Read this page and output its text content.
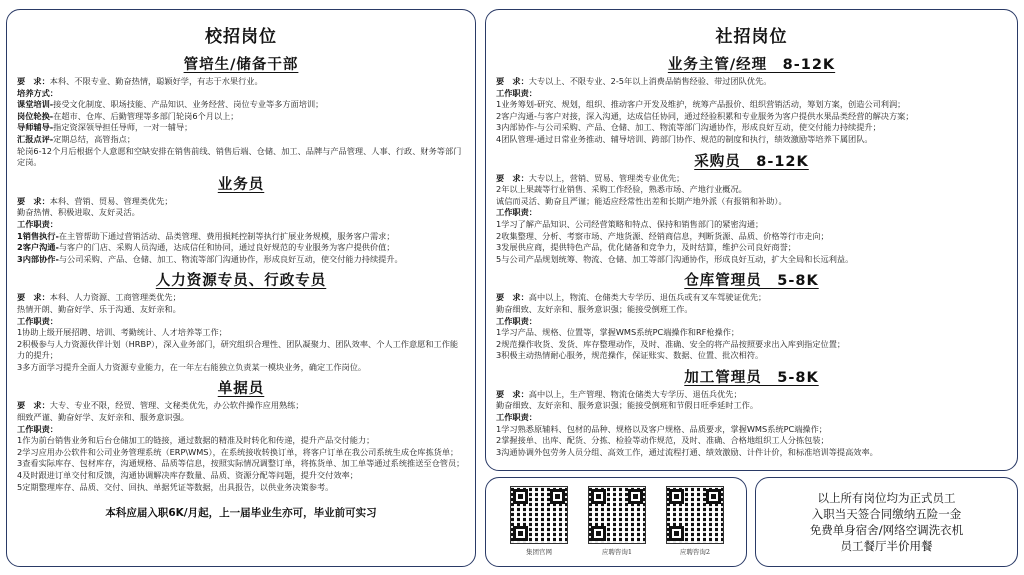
校招岗位
管培生/储备干部
要　求：本科、不限专业、勤奋热情，聪颖好学，有志于水果行业。
培养方式：
课堂培训-接受文化制度、职场技能、产品知识、业务经营、岗位专业等多方面培训；
岗位轮换-在超市、仓库、后勤管理等多部门轮岗6个月以上；
导师辅导-指定资深领导担任导师，一对一辅导；
汇报点评-定期总结，高管指点；
轮岗6-12个月后根据个人意愿和空缺安排在销售前线、销售后端、仓储、加工、品牌与产品管理、人事、行政、财务等部门定岗。
业务员
要　求：本科、营销、贸易、管理类优先；
勤奋热情、积极进取、友好灵活。
工作职责：
1销售执行-在主管帮助下通过营销活动、品类管理、费用损耗控制等执行扩展业务规模，服务客户需求；
2客户沟通-与客户的门店、采购人员沟通，达成信任和协同，通过良好规范的专业服务为客户提供价值；
3内部协作-与公司采购、产品、仓储、加工、物流等部门沟通协作，形成良好互动，使交付能力持续提升。
人力资源专员、行政专员
要　求：本科、人力资源、工商管理类优先；
热情开朗、勤奋好学、乐于沟通、友好亲和。
工作职责：
1协助上级开展招聘、培训、考勤统计、人才培养等工作；
2积极参与人力资源伙伴计划（HRBP），深入业务部门，研究组织合理性、团队凝聚力、团队效率、个人工作意愿和工作能力的提升；
3多方面学习提升全面人力资源专业能力，在一年左右能独立负责某一模块业务，确定工作岗位。
单据员
要　求：大专、专业不限，经贸、管理、文秘类优先，办公软件操作应用熟练；
细致严谨、勤奋好学、友好亲和、服务意识强。
工作职责：
1作为前台销售业务和后台仓储加工的链接，通过数据的精准及时转化和传递，提升产品交付能力；
2学习应用办公软件和公司业务管理系统（ERP\WMS），在系统接收转换订单，将客户订单在我公司系统生成仓库拣货单；
3查看实际库存、包材库存，沟通规格、品质等信息，按照实际情况调整订单，将拣货单、加工单等通过系统推送至仓管员；
4及时跟进订单交付和反馈，沟通协调解决库存数量、品质、资源分配等问题，提升交付效率；
5定期整理库存、品质、交付、回执、单据凭证等数据，出具报告，以供业务决策参考。
本科应届入职6K/月起，上一届毕业生亦可，毕业前可实习
社招岗位
业务主管/经理　8-12K
要　求：大专以上、不限专业、2-5年以上消费品销售经验、带过团队优先。
工作职责：
1业务筹划-研究、规划，组织、推动客户开发及维护，统筹产品报价、组织营销活动，筹划方案，创造公司利润；
2客户沟通-与客户对接，深入沟通，达成信任协同，通过经验积累和专业服务为客户提供水果品类经营的解决方案；
3内部协作-与公司采购、产品、仓储、加工、物流等部门沟通协作，形成良好互动，使交付能力持续提升；
4团队管理-通过日常业务推动、辅导培训、跨部门协作、规范的制度和执行，绩效激励等培养下属团队。
采购员　8-12K
要　求：大专以上，营销、贸易、管理类专业优先；
2年以上果蔬等行业销售、采购工作经验，熟悉市场、产地行业概况。
诚信而灵活、勤奋且严谨；能适应经常性出差和长期产地外派（有报销和补助）。
工作职责：
1学习了解产品知识、公司经营策略和特点、保持和销售部门的紧密沟通；
2收集整理、分析、考察市场、产地货源、经销商信息，判断货源、品质、价格等行市走向；
3发展供应商，提供特色产品，优化储备和竞争力，及时结算，维护公司良好商誉；
5与公司产品规划统筹、物流、仓储、加工等部门沟通协作，形成良好互动，扩大全局和长远利益。
仓库管理员　5-8K
要　求：高中以上，物流、仓储类大专学历、退伍兵或有叉车驾驶证优先；
勤奋细致、友好亲和、服务意识强；能接受倒班工作。
工作职责：
1学习产品、规格、位置等，掌握WMS系统PC端操作和RF枪操作；
2规范操作收货、发货、库存整理动作，及时、准确、安全的将产品按照要求出入库到指定位置；
3积极主动热情耐心服务，规范操作，保证账实、数据、位置、批次相符。
加工管理员　5-8K
要　求：高中以上，生产管理、物流仓储类大专学历、退伍兵优先；
勤奋细致、友好亲和、服务意识强；能接受倒班和节假日旺季延时工作。
工作职责：
1学习熟悉原辅料、包材的品种、规格以及客户规格、品质要求，掌握WMS系统PC端操作；
2掌握接单、出库、配货、分拣、检验等动作规范，及时、准确、合格地组织工人分拣包装；
3沟通协调外包劳务人员分组、高效工作，通过流程打通、绩效激励、计件计价，和标准培训等提高效率。
集团官网	应聘咨询1	应聘咨询2
以上所有岗位均为正式员工
入职当天签合同缴纳五险一金
免费单身宿舍/网络空调洗衣机
员工餐厅半价用餐
